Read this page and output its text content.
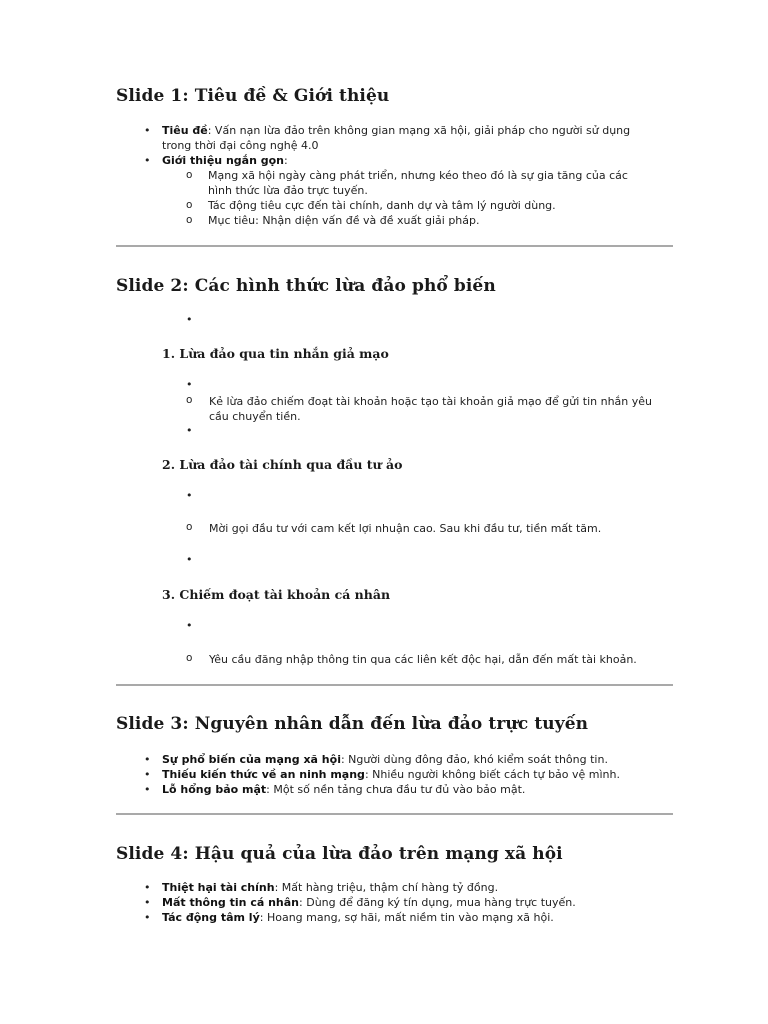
Slide 1: Tiêu đề & Giới thiệu
• Tiêu đề: Vấn nạn lừa đảo trên không gian mạng xã hội, giải pháp cho người sử dụng trong thời đại công nghệ 4.0
• Giới thiệu ngắn gọn:
o Mạng xã hội ngày càng phát triển, nhưng kéo theo đó là sự gia tăng của các hình thức lừa đảo trực tuyến.
o Tác động tiêu cực đến tài chính, danh dự và tâm lý người dùng.
o Mục tiêu: Nhận diện vấn đề và đề xuất giải pháp.
Slide 2: Các hình thức lừa đảo phổ biến
•
1. Lừa đảo qua tin nhắn giả mạo
•
o Kẻ lừa đảo chiếm đoạt tài khoản hoặc tạo tài khoản giả mạo để gửi tin nhắn yêu cầu chuyển tiền.
•
2. Lừa đảo tài chính qua đầu tư ảo
•
o Mời gọi đầu tư với cam kết lợi nhuận cao. Sau khi đầu tư, tiền mất tăm.
•
3. Chiếm đoạt tài khoản cá nhân
•
o Yêu cầu đăng nhập thông tin qua các liên kết độc hại, dẫn đến mất tài khoản.
Slide 3: Nguyên nhân dẫn đến lừa đảo trực tuyến
• Sự phổ biến của mạng xã hội: Người dùng đông đảo, khó kiểm soát thông tin.
• Thiếu kiến thức về an ninh mạng: Nhiều người không biết cách tự bảo vệ mình.
• Lỗ hổng bảo mật: Một số nền tảng chưa đầu tư đủ vào bảo mật.
Slide 4: Hậu quả của lừa đảo trên mạng xã hội
• Thiệt hại tài chính: Mất hàng triệu, thậm chí hàng tỷ đồng.
• Mất thông tin cá nhân: Dùng để đăng ký tín dụng, mua hàng trực tuyến.
• Tác động tâm lý: Hoang mang, sợ hãi, mất niềm tin vào mạng xã hội.
